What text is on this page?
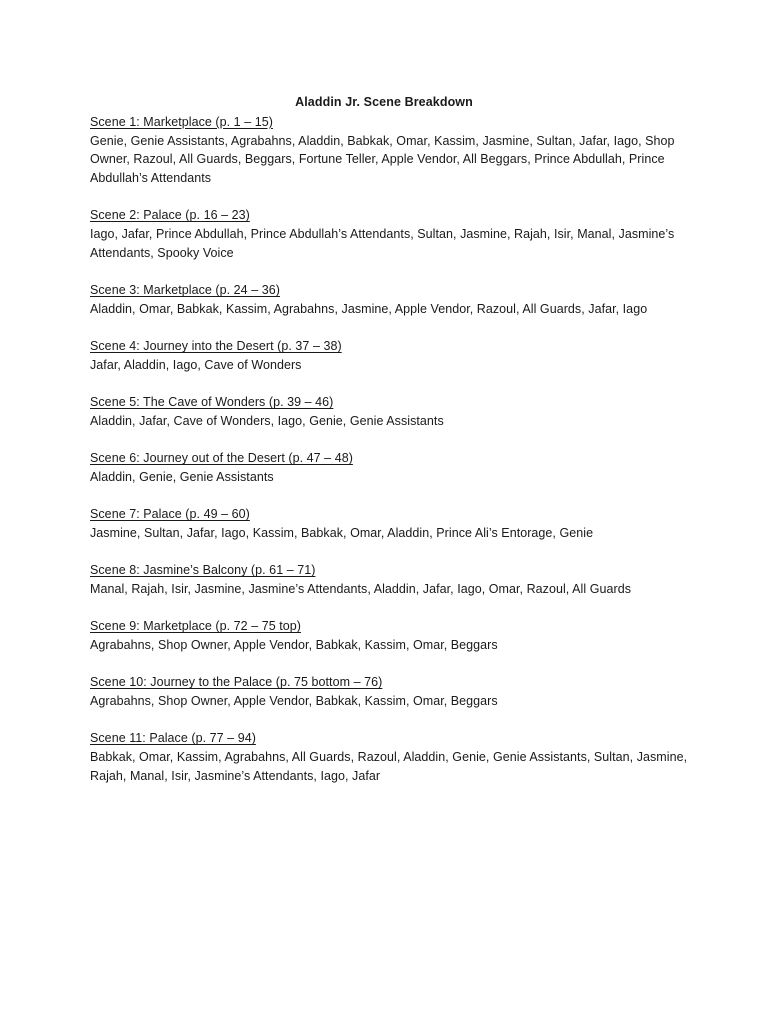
Aladdin Jr. Scene Breakdown
Scene 1: Marketplace (p. 1 – 15)
Genie, Genie Assistants, Agrabahns, Aladdin, Babkak, Omar, Kassim, Jasmine, Sultan, Jafar, Iago, Shop Owner, Razoul, All Guards, Beggars, Fortune Teller, Apple Vendor, All Beggars, Prince Abdullah, Prince Abdullah’s Attendants
Scene 2: Palace (p. 16 – 23)
Iago, Jafar, Prince Abdullah, Prince Abdullah’s Attendants, Sultan, Jasmine, Rajah, Isir, Manal, Jasmine’s Attendants, Spooky Voice
Scene 3: Marketplace (p. 24 – 36)
Aladdin, Omar, Babkak, Kassim, Agrabahns, Jasmine, Apple Vendor, Razoul, All Guards, Jafar, Iago
Scene 4: Journey into the Desert (p. 37 – 38)
Jafar, Aladdin, Iago, Cave of Wonders
Scene 5: The Cave of Wonders (p. 39 – 46)
Aladdin, Jafar, Cave of Wonders, Iago, Genie, Genie Assistants
Scene 6: Journey out of the Desert (p. 47 – 48)
Aladdin, Genie, Genie Assistants
Scene 7: Palace (p. 49 – 60)
Jasmine, Sultan, Jafar, Iago, Kassim, Babkak, Omar, Aladdin, Prince Ali’s Entorage, Genie
Scene 8: Jasmine’s Balcony (p. 61 – 71)
Manal, Rajah, Isir, Jasmine, Jasmine’s Attendants, Aladdin, Jafar, Iago, Omar, Razoul, All Guards
Scene 9: Marketplace (p. 72 – 75 top)
Agrabahns, Shop Owner, Apple Vendor, Babkak, Kassim, Omar, Beggars
Scene 10: Journey to the Palace (p. 75 bottom – 76)
Agrabahns, Shop Owner, Apple Vendor, Babkak, Kassim, Omar, Beggars
Scene 11: Palace (p. 77 – 94)
Babkak, Omar, Kassim, Agrabahns, All Guards, Razoul, Aladdin, Genie, Genie Assistants, Sultan, Jasmine, Rajah, Manal, Isir, Jasmine’s Attendants, Iago, Jafar
